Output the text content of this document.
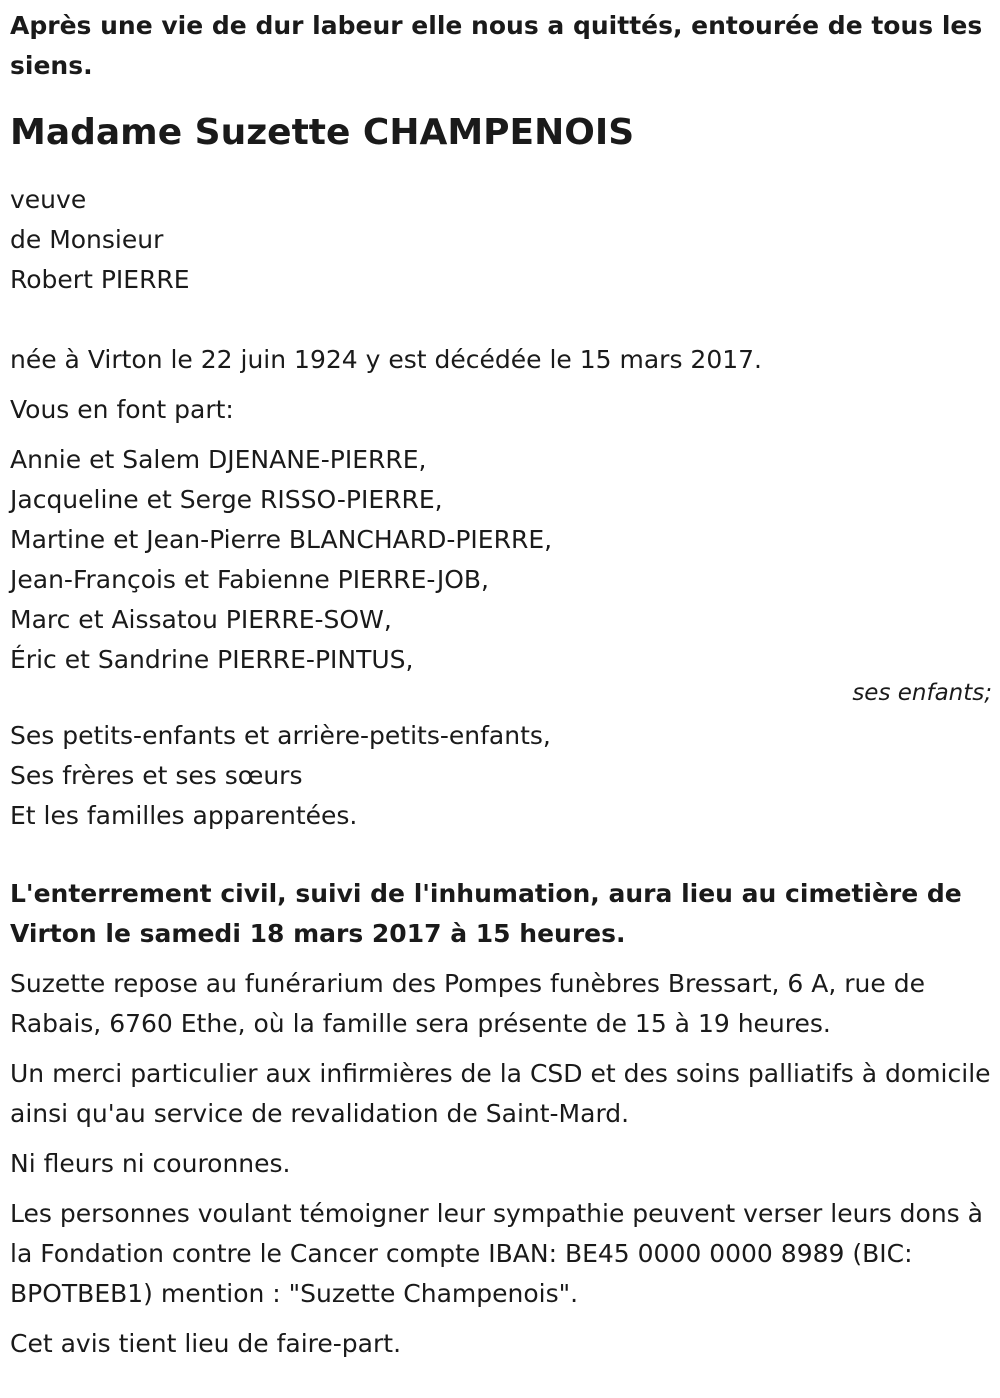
Après une vie de dur labeur elle nous a quittés, entourée de tous les siens.

Madame Suzette CHAMPENOIS

veuve
de Monsieur
Robert PIERRE

née à Virton le 22 juin 1924 y est décédée le 15 mars 2017.

Vous en font part:

Annie et Salem DJENANE-PIERRE,
Jacqueline et Serge RISSO-PIERRE,
Martine et Jean-Pierre BLANCHARD-PIERRE,
Jean-François et Fabienne PIERRE-JOB,
Marc et Aissatou PIERRE-SOW,
Éric et Sandrine PIERRE-PINTUS,

ses enfants;

Ses petits-enfants et arrière-petits-enfants,
Ses frères et ses sœurs
Et les familles apparentées.

L'enterrement civil, suivi de l'inhumation, aura lieu au cimetière de Virton le samedi 18 mars 2017 à 15 heures.

Suzette repose au funérarium des Pompes funèbres Bressart, 6 A, rue de Rabais, 6760 Ethe, où la famille sera présente de 15 à 19 heures.

Un merci particulier aux infirmières de la CSD et des soins palliatifs à domicile ainsi qu'au service de revalidation de Saint-Mard.

Ni fleurs ni couronnes.

Les personnes voulant témoigner leur sympathie peuvent verser leurs dons à la Fondation contre le Cancer compte IBAN: BE45 0000 0000 8989 (BIC: BPOTBEB1) mention : "Suzette Champenois".

Cet avis tient lieu de faire-part.
